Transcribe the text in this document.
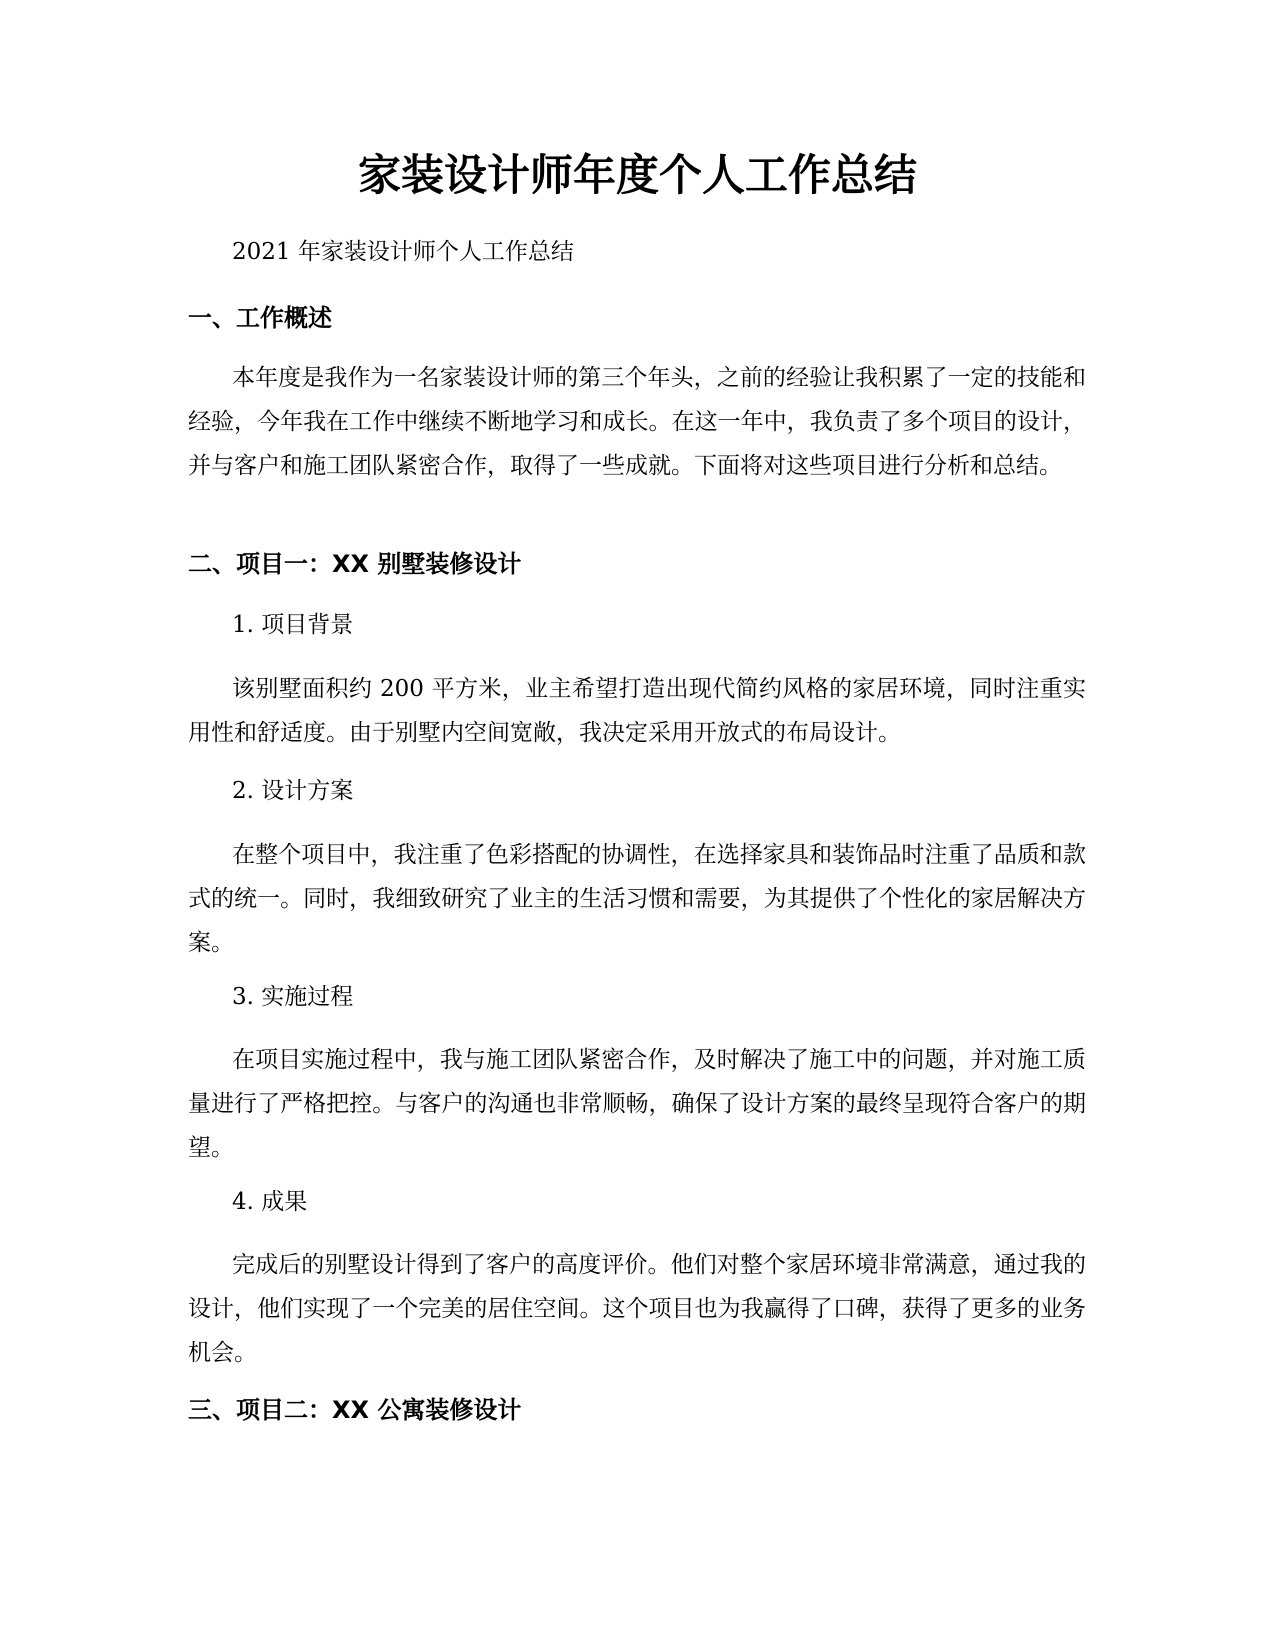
家装设计师年度个人工作总结

2021 年家装设计师个人工作总结

一、工作概述

本年度是我作为一名家装设计师的第三个年头，之前的经验让我积累了一定的技能和经验，今年我在工作中继续不断地学习和成长。在这一年中，我负责了多个项目的设计，并与客户和施工团队紧密合作，取得了一些成就。下面将对这些项目进行分析和总结。

二、项目一：XX 别墅装修设计

1. 项目背景

该别墅面积约 200 平方米，业主希望打造出现代简约风格的家居环境，同时注重实用性和舒适度。由于别墅内空间宽敞，我决定采用开放式的布局设计。

2. 设计方案

在整个项目中，我注重了色彩搭配的协调性，在选择家具和装饰品时注重了品质和款式的统一。同时，我细致研究了业主的生活习惯和需要，为其提供了个性化的家居解决方案。

3. 实施过程

在项目实施过程中，我与施工团队紧密合作，及时解决了施工中的问题，并对施工质量进行了严格把控。与客户的沟通也非常顺畅，确保了设计方案的最终呈现符合客户的期望。

4. 成果

完成后的别墅设计得到了客户的高度评价。他们对整个家居环境非常满意，通过我的设计，他们实现了一个完美的居住空间。这个项目也为我赢得了口碑，获得了更多的业务机会。

三、项目二：XX 公寓装修设计
